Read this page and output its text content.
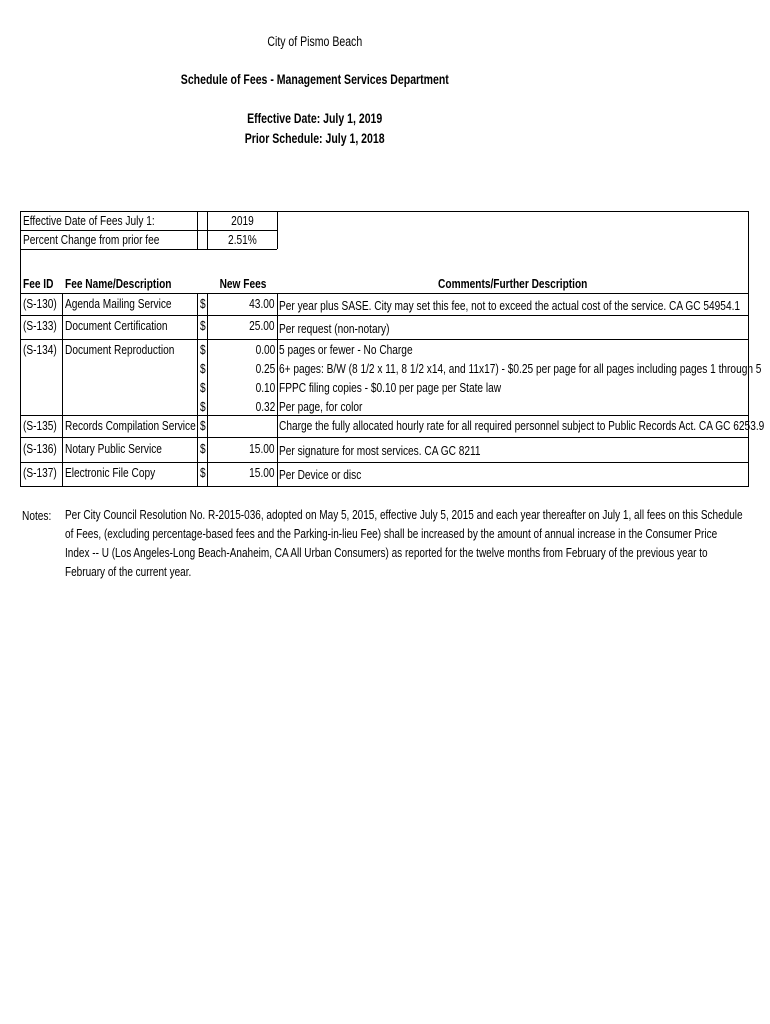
City of Pismo Beach
Schedule of Fees - Management Services Department
Effective Date: July 1, 2019
Prior Schedule: July 1, 2018
Effective Date of Fees July 1:	2019
Percent Change from prior fee	2.51%
Fee ID Fee Name/Description	New Fees	Comments/Further Description
(S-130) Agenda Mailing Service	$	43.00 Per year plus SASE. City may set this fee, not to exceed the actual cost of the service. CA GC 54954.1
(S-133) Document Certification	$	25.00 Per request (non-notary)
(S-134) Document Reproduction	$	0.00 5 pages or fewer - No Charge
$	0.25 6+ pages: B/W (8 1/2 x 11, 8 1/2 x14, and 11x17) - $0.25 per page for all pages including pages 1 through 5
$	0.10 FPPC filing copies - $0.10 per page per State law
$	0.32 Per page, for color
(S-135) Records Compilation Service $	Charge the fully allocated hourly rate for all required personnel subject to Public Records Act. CA GC 6253.9
(S-136) Notary Public Service	$	15.00 Per signature for most services. CA GC 8211
(S-137) Electronic File Copy	$	15.00 Per Device or disc
Notes:	Per City Council Resolution No. R-2015-036, adopted on May 5, 2015, effective July 5, 2015 and each year thereafter on July 1, all fees on this Schedule of Fees, (excluding percentage-based fees and the Parking-in-lieu Fee) shall be increased by the amount of annual increase in the Consumer Price Index -- U (Los Angeles-Long Beach-Anaheim, CA All Urban Consumers) as reported for the twelve months from February of the previous year to February of the current year.
